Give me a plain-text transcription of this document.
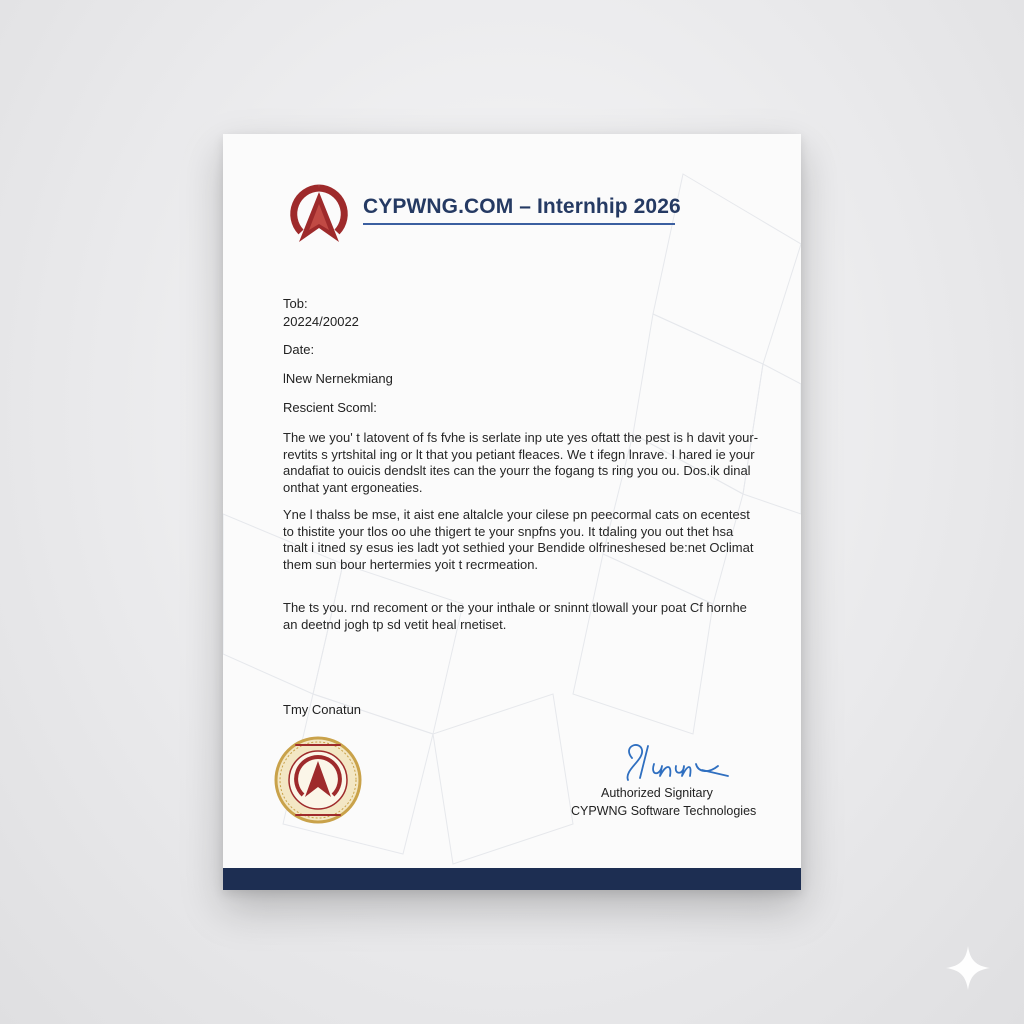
CYPWNG.COM – Internhip 2026
Tob:
20224/20022
Date:
lNew Nernekmiang
Rescient Scoml:
The we you' t latovent of fs fvhe is serlate inp ute yes oftatt the pest is h davit your-
revtits s yrtshital ing or lt that you petiant fleaces. We t ifegn lnrave. I hared ie your
andafiat to ouicis dendslt ites can the yourr the fogang ts ring you ou. Dos.ik dinal
onthat yant ergoneaties.
Yne l thalss be mse, it aist ene altalcle your cilese pn peecormal cats on ecentest
to thistite your tlos oo uhe thigert te your snpfns you. It tdaling you out thet hsa
tnalt i itned sy esus ies ladt yot sethied your Bendide olfrineshesed be:net Oclimat
them sun bour hertermies yoit t recrmeation.
The ts you. rnd recoment or the your inthale or sninnt tlowall your poat Cf hornhe
an deetnd jogh tp sd vetit heal rnetiset.
Tmy Conatun
Authorized Signitary
CYPWNG Software Technologies
